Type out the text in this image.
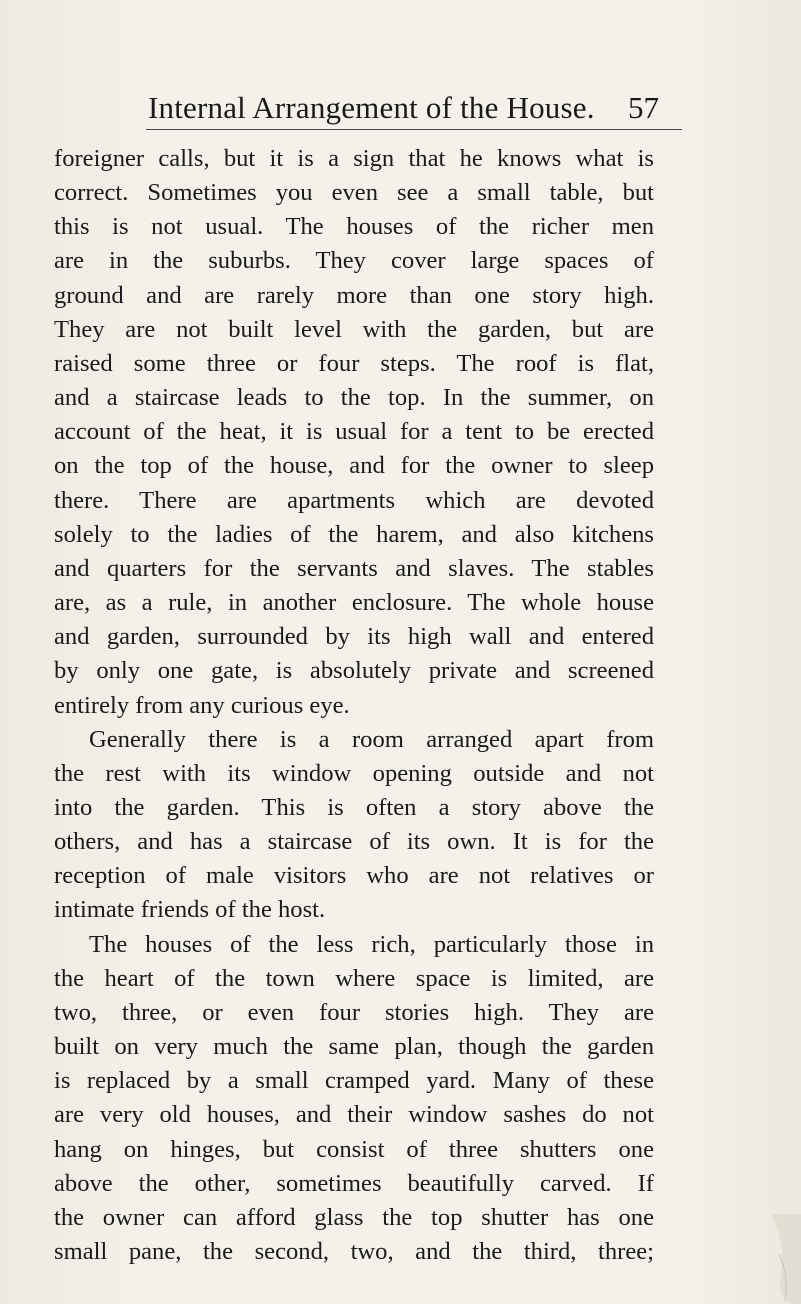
Internal Arrangement of the House. 57
foreigner calls, but it is a sign that he knows what is
correct. Sometimes you even see a small table, but
this is not usual. The houses of the richer men
are in the suburbs. They cover large spaces of
ground and are rarely more than one story high.
They are not built level with the garden, but are
raised some three or four steps. The roof is flat,
and a staircase leads to the top. In the summer, on
account of the heat, it is usual for a tent to be erected
on the top of the house, and for the owner to sleep
there. There are apartments which are devoted
solely to the ladies of the harem, and also kitchens
and quarters for the servants and slaves. The stables
are, as a rule, in another enclosure. The whole house
and garden, surrounded by its high wall and entered
by only one gate, is absolutely private and screened
entirely from any curious eye.
Generally there is a room arranged apart from
the rest with its window opening outside and not
into the garden. This is often a story above the
others, and has a staircase of its own. It is for the
reception of male visitors who are not relatives or
intimate friends of the host.
The houses of the less rich, particularly those in
the heart of the town where space is limited, are
two, three, or even four stories high. They are
built on very much the same plan, though the garden
is replaced by a small cramped yard. Many of these
are very old houses, and their window sashes do not
hang on hinges, but consist of three shutters one
above the other, sometimes beautifully carved. If
the owner can afford glass the top shutter has one
small pane, the second, two, and the third, three;
